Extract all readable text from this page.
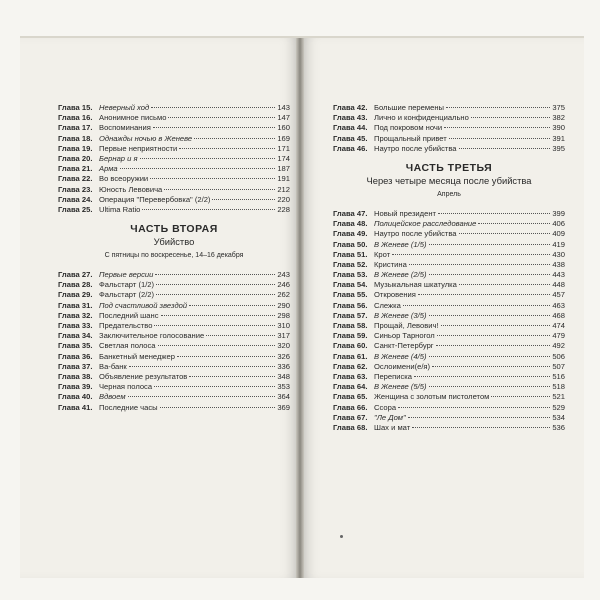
Глава 15. Неверный ход	143
Глава 16. Анонимное письмо	147
Глава 17. Воспоминания	160
Глава 18. Однажды ночью в Женеве	169
Глава 19. Первые неприятности	171
Глава 20. Бернар и я	174
Глава 21. Арма	187
Глава 22. Во всеоружии	191
Глава 23. Юность Левовича	212
Глава 24. Операция "Перевербовка" (2/2)	220
Глава 25. Ultima Ratio	228
ЧАСТЬ ВТОРАЯ
Убийство
С пятницы по воскресенье, 14–16 декабря
Глава 27. Первые версии	243
Глава 28. Фальстарт (1/2)	246
Глава 29. Фальстарт (2/2)	262
Глава 31. Под счастливой звездой	290
Глава 32. Последний шанс	298
Глава 33. Предательство	310
Глава 34. Заключительное голосование	317
Глава 35. Светлая полоса	320
Глава 36. Банкетный менеджер	326
Глава 37. Ва-банк	336
Глава 38. Объявление результатов	348
Глава 39. Черная полоса	353
Глава 40. Вдвоем	364
Глава 41. Последние часы	369
Глава 42. Большие перемены	375
Глава 43. Лично и конфиденциально	382
Глава 44. Под покровом ночи	390
Глава 45. Прощальный привет	391
Глава 46. Наутро после убийства	395
ЧАСТЬ ТРЕТЬЯ
Через четыре месяца после убийства
Апрель
Глава 47. Новый президент	399
Глава 48. Полицейское расследование	406
Глава 49. Наутро после убийства	409
Глава 50. В Женеве (1/5)	419
Глава 51. Крот	430
Глава 52. Кристина	438
Глава 53. В Женеве (2/5)	443
Глава 54. Музыкальная шкатулка	448
Глава 55. Откровения	457
Глава 56. Слежка	463
Глава 57. В Женеве (3/5)	468
Глава 58. Прощай, Левович!	474
Глава 59. Синьор Тарногол	479
Глава 60. Санкт-Петербург	492
Глава 61. В Женеве (4/5)	506
Глава 62. Ослоимени(е/я)	507
Глава 63. Переписка	516
Глава 64. В Женеве (5/5)	518
Глава 65. Женщина с золотым пистолетом	521
Глава 66. Ссора	529
Глава 67. "Ле Дом"	534
Глава 68. Шах и мат	536
